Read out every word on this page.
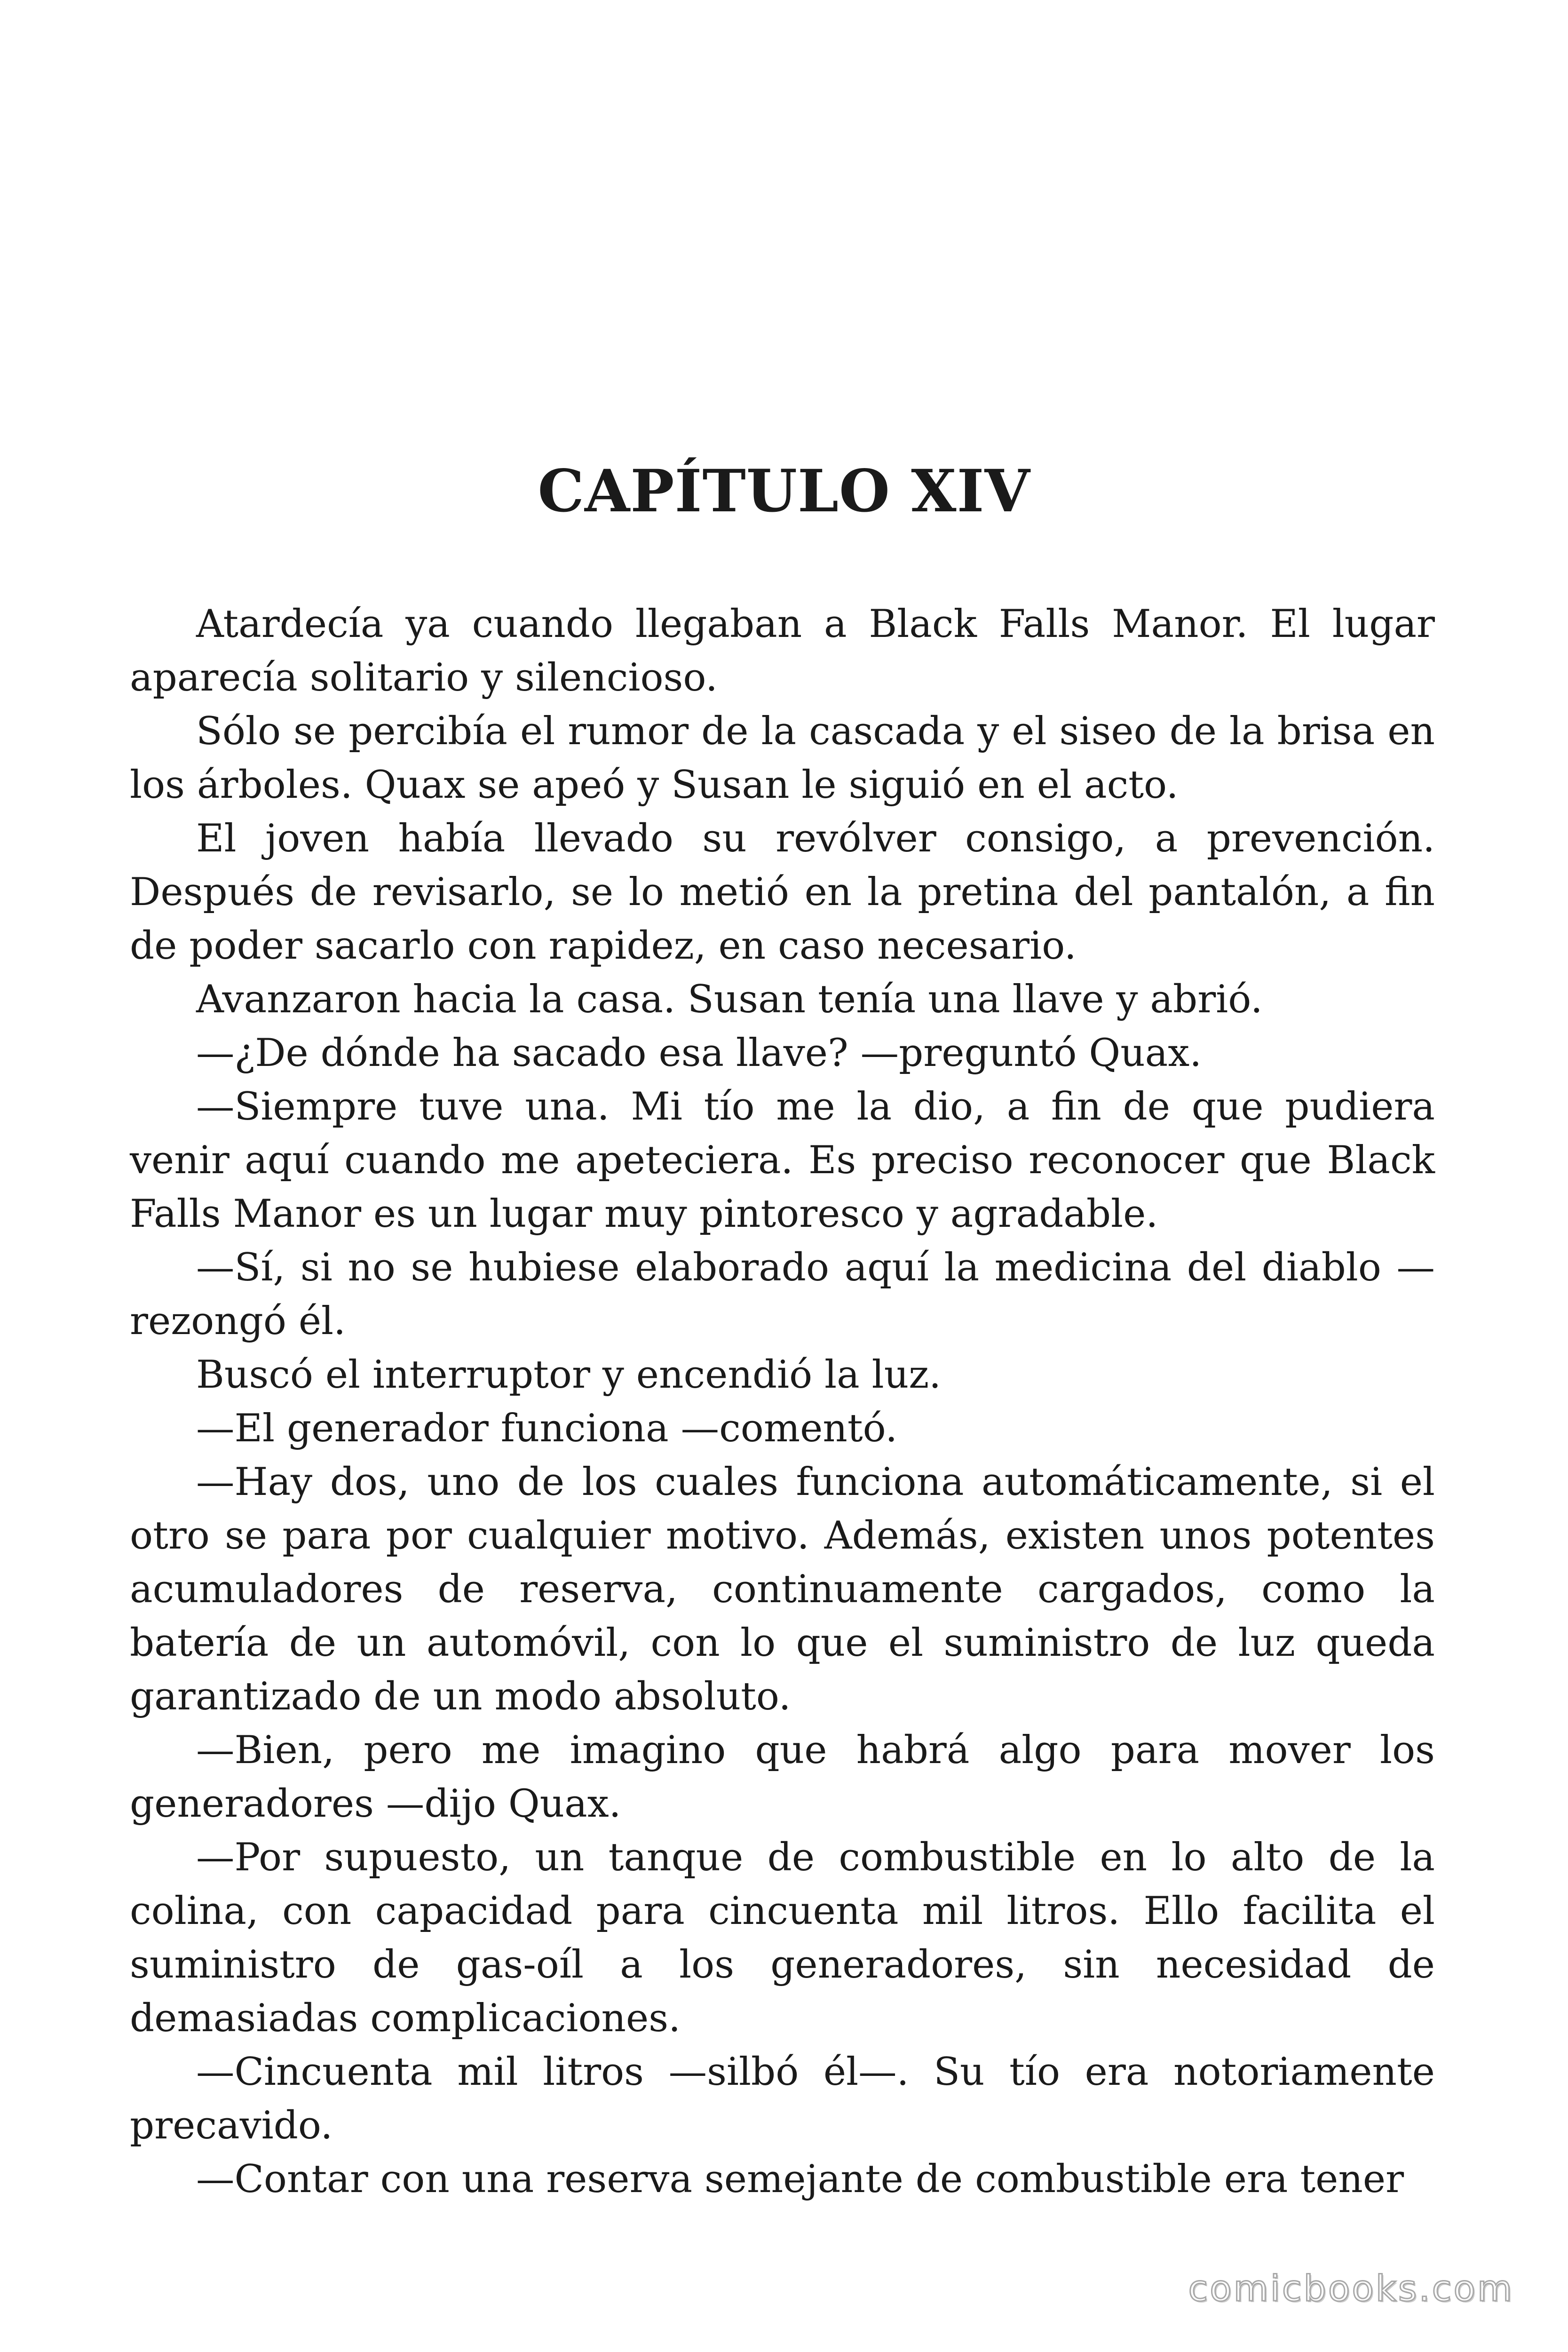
CAPÍTULO XIV

Atardecía ya cuando llegaban a Black Falls Manor. El lugar aparecía solitario y silencioso.

Sólo se percibía el rumor de la cascada y el siseo de la brisa en los árboles. Quax se apeó y Susan le siguió en el acto.

El joven había llevado su revólver consigo, a prevención. Después de revisarlo, se lo metió en la pretina del pantalón, a fin de poder sacarlo con rapidez, en caso necesario.

Avanzaron hacia la casa. Susan tenía una llave y abrió.

—¿De dónde ha sacado esa llave? —preguntó Quax.

—Siempre tuve una. Mi tío me la dio, a fin de que pudiera venir aquí cuando me apeteciera. Es preciso reconocer que Black Falls Manor es un lugar muy pintoresco y agradable.

—Sí, si no se hubiese elaborado aquí la medicina del diablo — rezongó él.

Buscó el interruptor y encendió la luz.

—El generador funciona —comentó.

—Hay dos, uno de los cuales funciona automáticamente, si el otro se para por cualquier motivo. Además, existen unos potentes acumuladores de reserva, continuamente cargados, como la batería de un automóvil, con lo que el suministro de luz queda garantizado de un modo absoluto.

—Bien, pero me imagino que habrá algo para mover los generadores —dijo Quax.

—Por supuesto, un tanque de combustible en lo alto de la colina, con capacidad para cincuenta mil litros. Ello facilita el suministro de gas-oíl a los generadores, sin necesidad de demasiadas complicaciones.

—Cincuenta mil litros —silbó él—. Su tío era notoriamente precavido.

—Contar con una reserva semejante de combustible era tener

comicbooks.com
